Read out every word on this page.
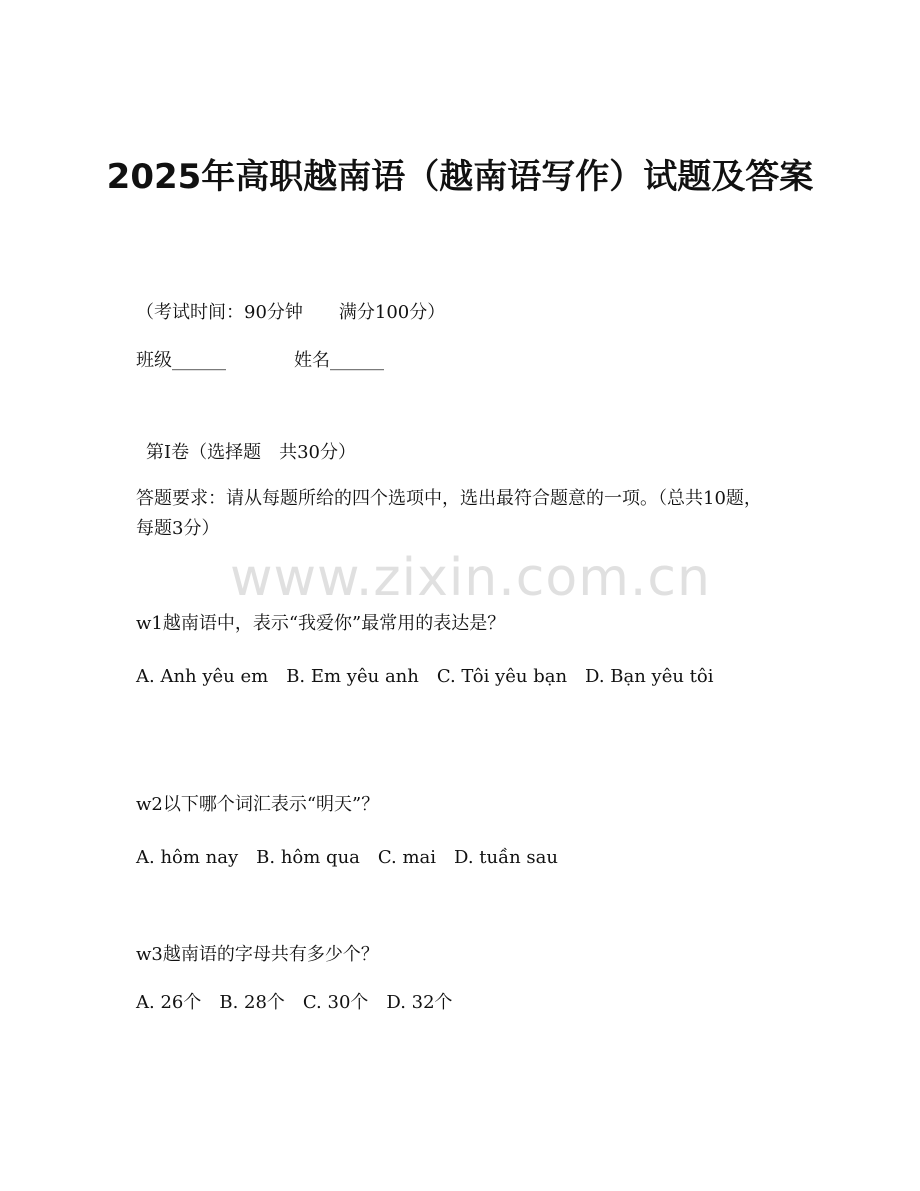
2025年高职越南语（越南语写作）试题及答案
（考试时间：90分钟　　满分100分）
班级______	姓名______
第Ⅰ卷（选择题　共30分）

答题要求：请从每题所给的四个选项中，选出最符合题意的一项。（总共10题，每题3分）

www.zixin.com.cn
w1越南语中，表示“我爱你”最常用的表达是？

A. Anh yêu em　B. Em yêu anh　C. Tôi yêu bạn　D. Bạn yêu tôi

w2以下哪个词汇表示“明天”？
A. hôm nay　B. hôm qua　C. mai　D. tuần sau
w3越南语的字母共有多少个？
A. 26个　B. 28个　C. 30个　D. 32个
